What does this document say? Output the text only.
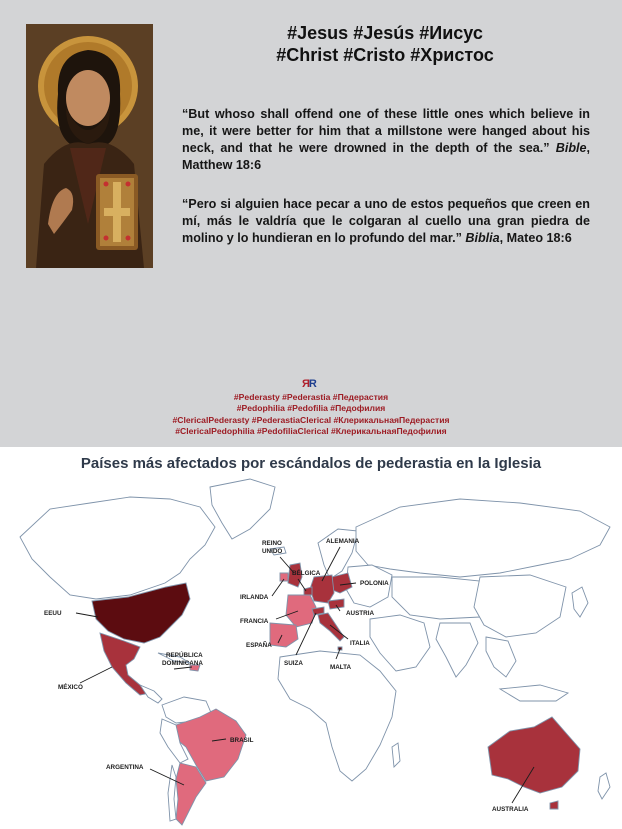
#Jesus #Jesús #Иисус
#Christ #Cristo #Христос
“But whoso shall offend one of these little ones which believe in me, it were better for him that a millstone were hanged about his neck, and that he were drowned in the depth of the sea.” Bible, Matthew 18:6
“Pero si alguien hace pecar a uno de estos pequeños que creen en mí, más le valdría que le colgaran al cuello una gran piedra de molino y lo hundieran en lo profundo del mar.” Biblia, Mateo 18:6
ЯR
#Pederasty #Pederastia #Педерастия
#Pedophilia #Pedofilia #Педофилия
#ClericalPederasty #PederastiaClerical #КлерикальнаяПедерастия
#ClericalPedophilia #PedofiliaClerical #КлерикальнаяПедофилия
EEUU
MÉXICO
REPÚBLICA
DOMINICANA
BRASIL
ARGENTINA
REINO
UNIDO
IRLANDA
BÉLGICA
ALEMANIA
POLONIA
AUSTRIA
FRANCIA
ESPAÑA
SUIZA
ITALIA
MALTA
AUSTRALIA
Países más afectados por escándalos de pederastia en la Iglesia
